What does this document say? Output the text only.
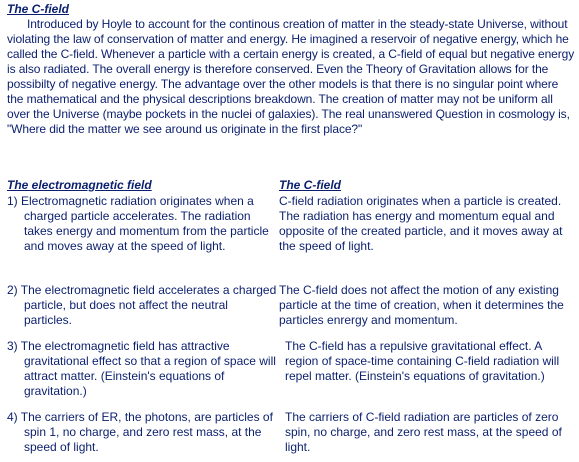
The C-field
Introduced by Hoyle to account for the continous creation of matter in the steady-state Universe, without violating the law of conservation of matter and energy. He imagined a reservoir of negative energy, which he called the C-field. Whenever a particle with a certain energy is created, a C-field of equal but negative energy is also radiated. The overall energy is therefore conserved. Even the Theory of Gravitation allows for the possibilty of negative energy. The advantage over the other models is that there is no singular point where the mathematical and the physical descriptions breakdown. The creation of matter may not be uniform all over the Universe (maybe pockets in the nuclei of galaxies). The real unanswered Question in cosmology is, "Where did the matter we see around us originate in the first place?"
The electromagnetic field	The C-field
1) Electromagnetic radiation originates when a charged particle accelerates. The radiation takes energy and momentum from the particle and moves away at the speed of light.
C-field radiation originates when a particle is created. The radiation has energy and momentum equal and opposite of the created particle, and it moves away at the speed of light.
2) The electromagnetic field accelerates a charged particle, but does not affect the neutral particles.
The C-field does not affect the motion of any existing particle at the time of creation, when it determines the particles enrergy and momentum.
3) The electromagnetic field has attractive gravitational effect so that a region of space will attract matter. (Einstein's equations of gravitation.)
The C-field has a repulsive gravitational effect. A region of space-time containing C-field radiation will repel matter. (Einstein's equations of gravitation.)
4) The carriers of ER, the photons, are particles of spin 1, no charge, and zero rest mass, at the speed of light.
The carriers of C-field radiation are particles of zero spin, no charge, and zero rest mass, at the speed of light.
